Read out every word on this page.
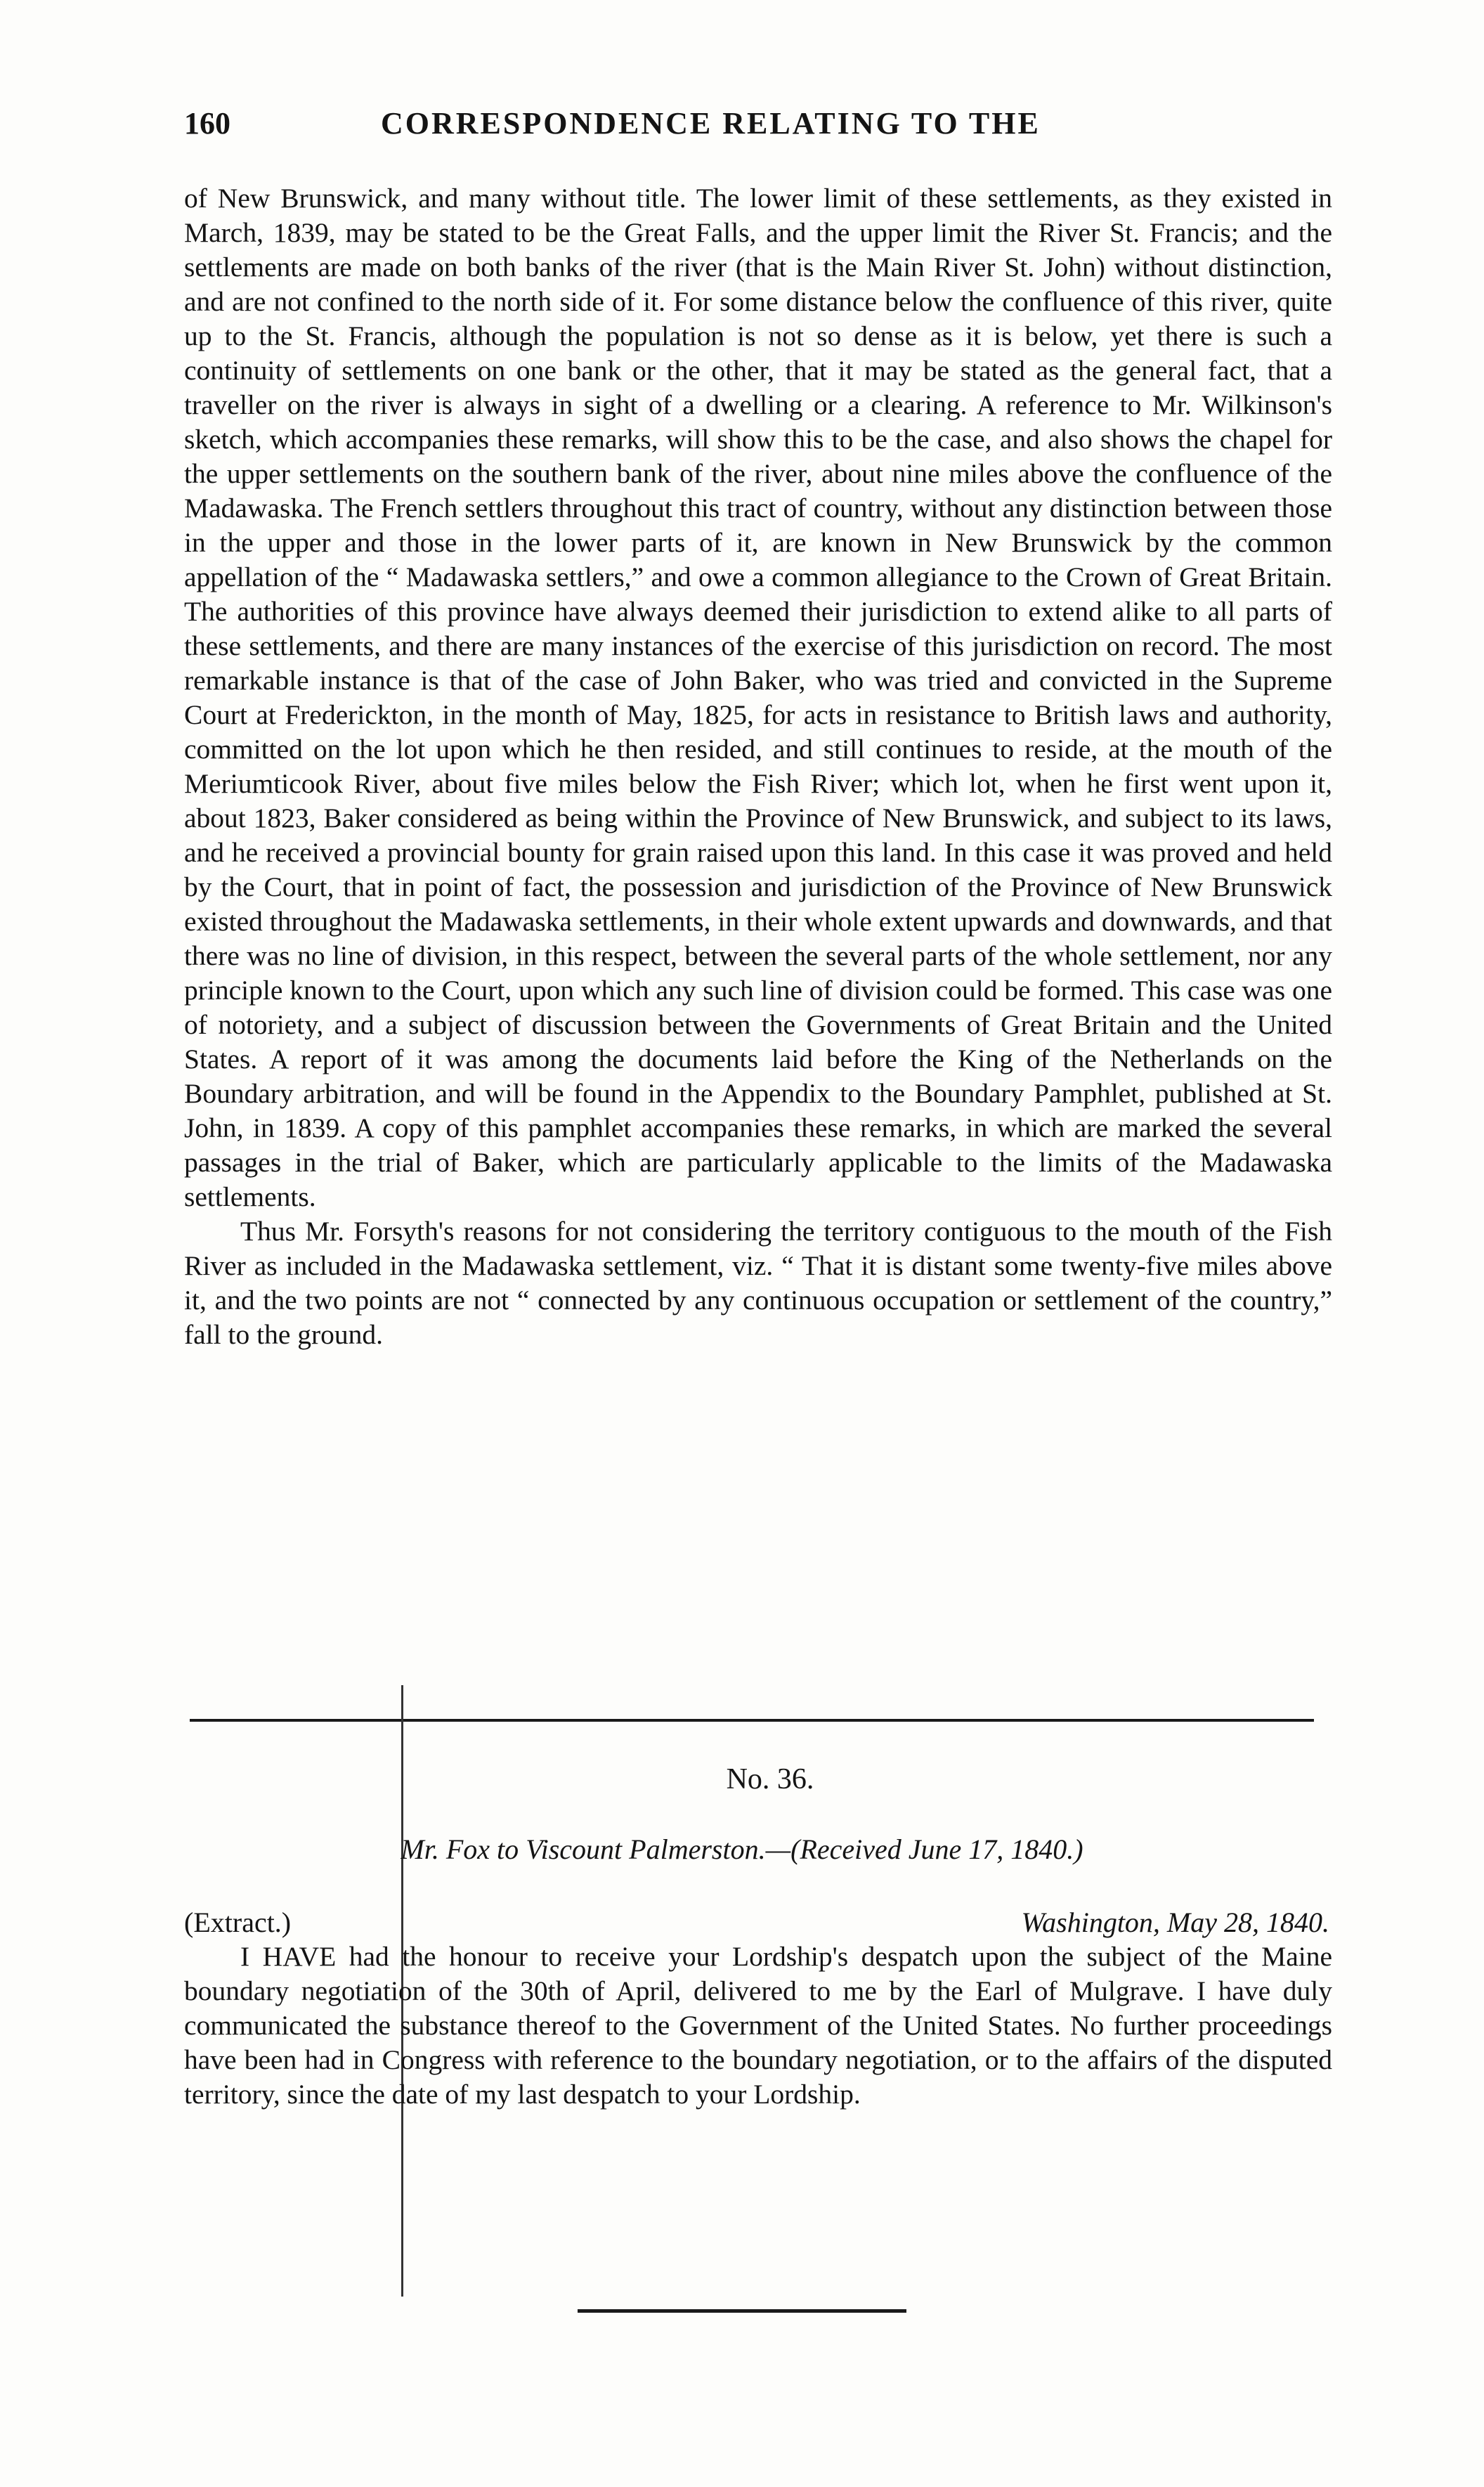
160	CORRESPONDENCE RELATING TO THE

of New Brunswick, and many without title. The lower limit of these settlements, as they existed in March, 1839, may be stated to be the Great Falls, and the upper limit the River St. Francis; and the settlements are made on both banks of the river (that is the Main River St. John) without distinction, and are not confined to the north side of it. For some distance below the confluence of this river, quite up to the St. Francis, although the population is not so dense as it is below, yet there is such a continuity of settlements on one bank or the other, that it may be stated as the general fact, that a traveller on the river is always in sight of a dwelling or a clearing. A reference to Mr. Wilkinson's sketch, which accompanies these remarks, will show this to be the case, and also shows the chapel for the upper settlements on the southern bank of the river, about nine miles above the confluence of the Madawaska. The French settlers throughout this tract of country, without any distinction between those in the upper and those in the lower parts of it, are known in New Brunswick by the common appellation of the “ Madawaska settlers,” and owe a common allegiance to the Crown of Great Britain. The authorities of this province have always deemed their jurisdiction to extend alike to all parts of these settlements, and there are many instances of the exercise of this jurisdiction on record. The most remarkable instance is that of the case of John Baker, who was tried and convicted in the Supreme Court at Frederickton, in the month of May, 1825, for acts in resistance to British laws and authority, committed on the lot upon which he then resided, and still continues to reside, at the mouth of the Meriumticook River, about five miles below the Fish River; which lot, when he first went upon it, about 1823, Baker considered as being within the Province of New Brunswick, and subject to its laws, and he received a provincial bounty for grain raised upon this land. In this case it was proved and held by the Court, that in point of fact, the possession and jurisdiction of the Province of New Brunswick existed throughout the Madawaska settlements, in their whole extent upwards and downwards, and that there was no line of division, in this respect, between the several parts of the whole settlement, nor any principle known to the Court, upon which any such line of division could be formed. This case was one of notoriety, and a subject of discussion between the Governments of Great Britain and the United States. A report of it was among the documents laid before the King of the Netherlands on the Boundary arbitration, and will be found in the Appendix to the Boundary Pamphlet, published at St. John, in 1839. A copy of this pamphlet accompanies these remarks, in which are marked the several passages in the trial of Baker, which are particularly applicable to the limits of the Madawaska settlements.

Thus Mr. Forsyth's reasons for not considering the territory contiguous to the mouth of the Fish River as included in the Madawaska settlement, viz. “ That it is distant some twenty-five miles above it, and the two points are not “ connected by any continuous occupation or settlement of the country,” fall to the ground.

No. 36.
Mr. Fox to Viscount Palmerston.—(Received June 17, 1840.)
(Extract.)	Washington, May 28, 1840.

I HAVE had the honour to receive your Lordship's despatch upon the subject of the Maine boundary negotiation of the 30th of April, delivered to me by the Earl of Mulgrave. I have duly communicated the substance thereof to the Government of the United States. No further proceedings have been had in Congress with reference to the boundary negotiation, or to the affairs of the disputed territory, since the date of my last despatch to your Lordship.
